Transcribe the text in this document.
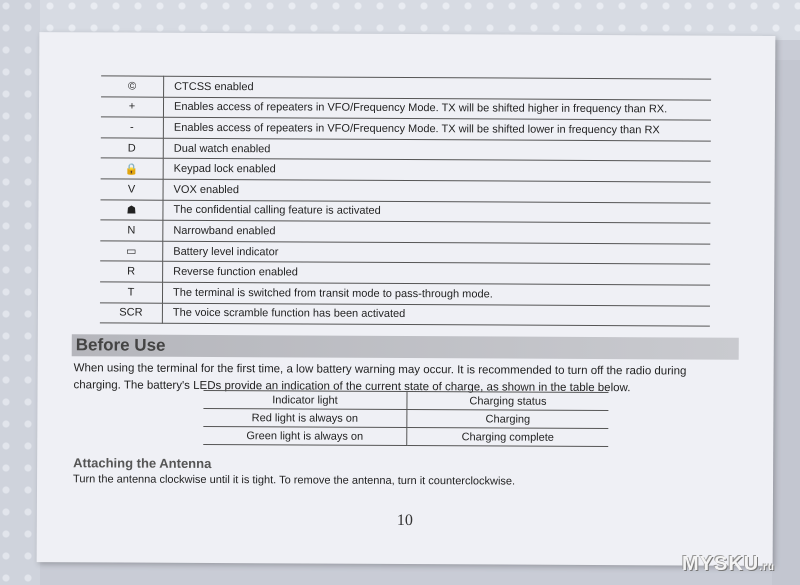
©	CTCSS enabled
+	Enables access of repeaters in VFO/Frequency Mode. TX will be shifted higher in frequency than RX.
-	Enables access of repeaters in VFO/Frequency Mode. TX will be shifted lower in frequency than RX
D	Dual watch enabled
🔒	Keypad lock enabled
V	VOX enabled
☗	The confidential calling feature is activated
N	Narrowband enabled
▭	Battery level indicator
R	Reverse function enabled
T	The terminal is switched from transit mode to pass-through mode.
SCR	The voice scramble function has been activated
Before Use
When using the terminal for the first time, a low battery warning may occur. It is recommended to turn off the radio during charging. The battery's LEDs provide an indication of the current state of charge, as shown in the table below.
Indicator light	Charging status
Red light is always on	Charging
Green light is always on	Charging complete
Attaching the Antenna
Turn the antenna clockwise until it is tight. To remove the antenna, turn it counterclockwise.
10
MYSKU.ru
